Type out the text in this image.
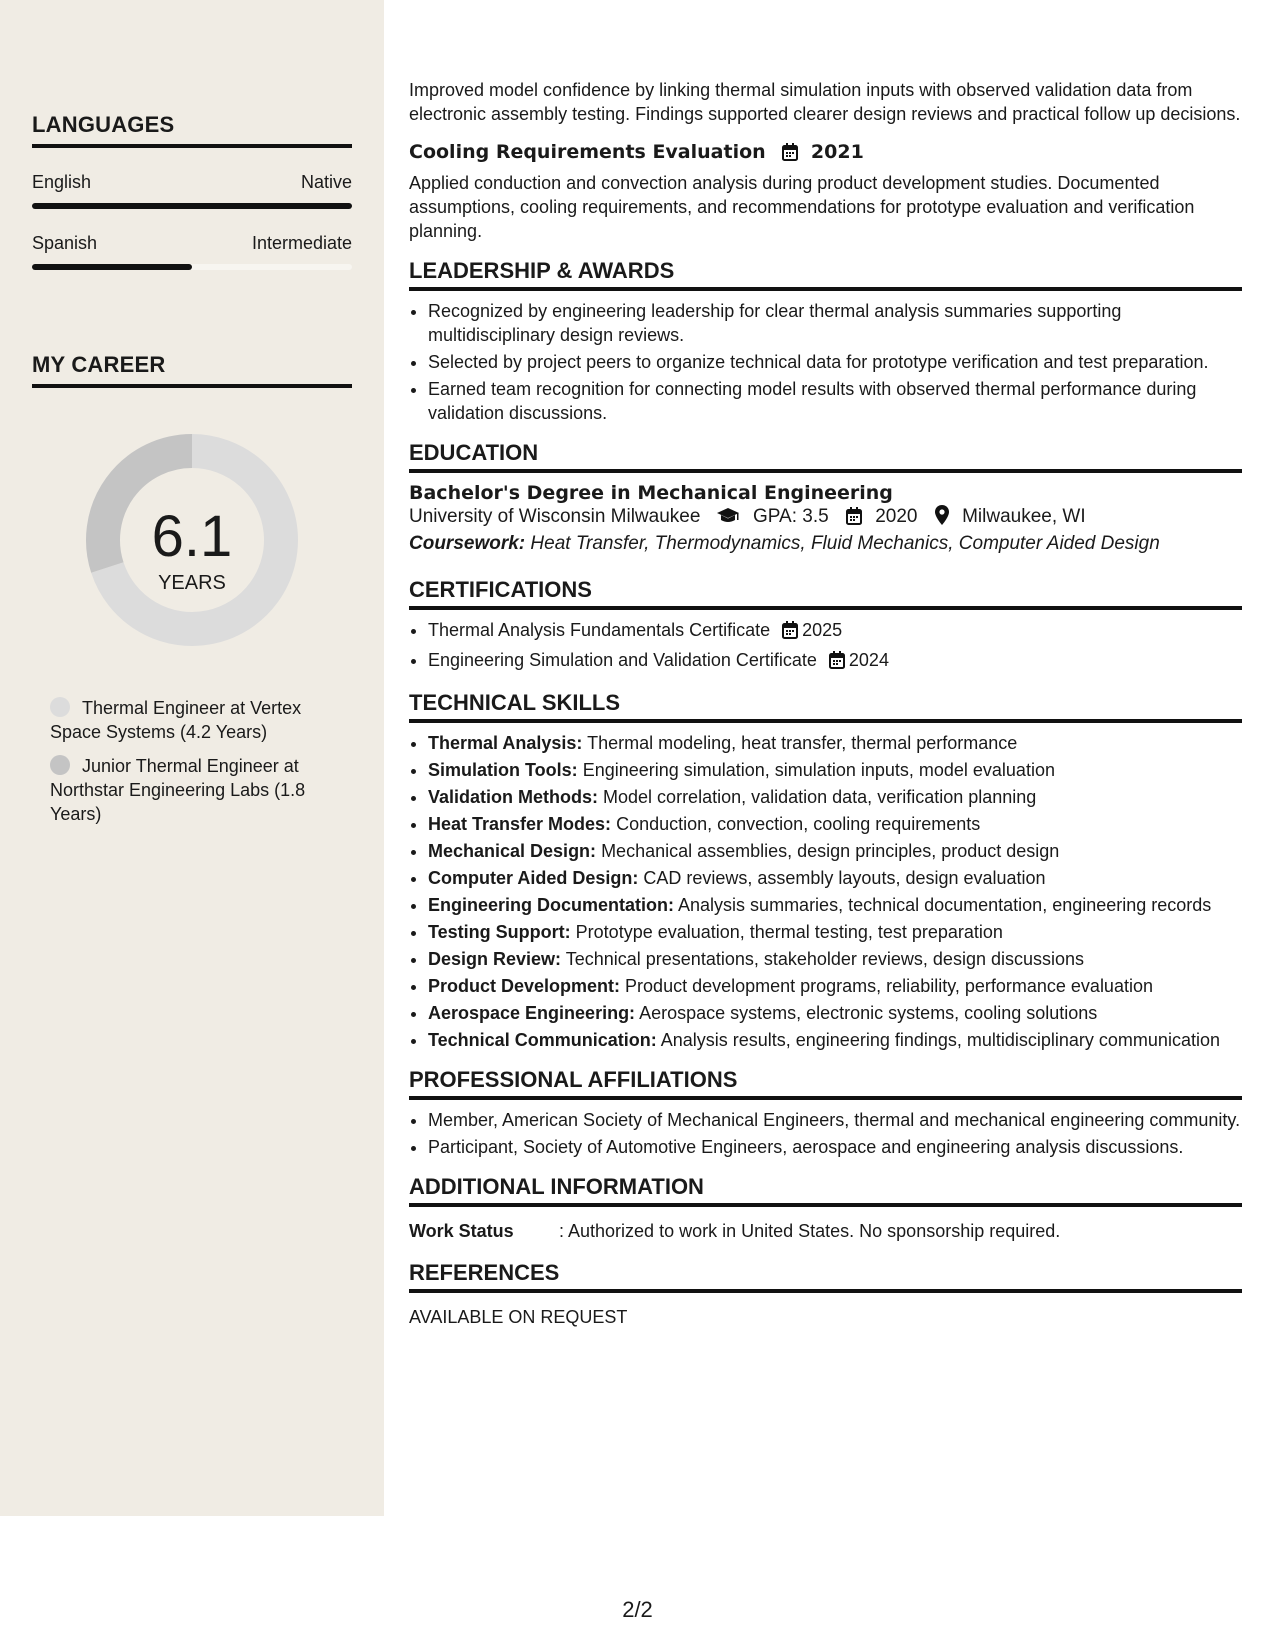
LANGUAGES
English	Native
Spanish	Intermediate
MY CAREER
6.1
YEARS
Thermal Engineer at Vertex Space Systems (4.2 Years)
Junior Thermal Engineer at Northstar Engineering Labs (1.8 Years)

Improved model confidence by linking thermal simulation inputs with observed validation data from electronic assembly testing. Findings supported clearer design reviews and practical follow up decisions.

Cooling Requirements Evaluation 2021

Applied conduction and convection analysis during product development studies. Documented assumptions, cooling requirements, and recommendations for prototype evaluation and verification planning.

LEADERSHIP & AWARDS
• Recognized by engineering leadership for clear thermal analysis summaries supporting multidisciplinary design reviews.
• Selected by project peers to organize technical data for prototype verification and test preparation.
• Earned team recognition for connecting model results with observed thermal performance during validation discussions.
EDUCATION

Bachelor's Degree in Mechanical Engineering

University of Wisconsin Milwaukee	GPA: 3.5 2020 Milwaukee, WI

Coursework: Heat Transfer, Thermodynamics, Fluid Mechanics, Computer Aided Design

CERTIFICATIONS
• Thermal Analysis Fundamentals Certificate 2025
• Engineering Simulation and Validation Certificate 2024
TECHNICAL SKILLS
• Thermal Analysis: Thermal modeling, heat transfer, thermal performance
• Simulation Tools: Engineering simulation, simulation inputs, model evaluation
• Validation Methods: Model correlation, validation data, verification planning
• Heat Transfer Modes: Conduction, convection, cooling requirements
• Mechanical Design: Mechanical assemblies, design principles, product design
• Computer Aided Design: CAD reviews, assembly layouts, design evaluation
• Engineering Documentation: Analysis summaries, technical documentation, engineering records
• Testing Support: Prototype evaluation, thermal testing, test preparation
• Design Review: Technical presentations, stakeholder reviews, design discussions
• Product Development: Product development programs, reliability, performance evaluation
• Aerospace Engineering: Aerospace systems, electronic systems, cooling solutions
• Technical Communication: Analysis results, engineering findings, multidisciplinary communication
PROFESSIONAL AFFILIATIONS
• Member, American Society of Mechanical Engineers, thermal and mechanical engineering community.
• Participant, Society of Automotive Engineers, aerospace and engineering analysis discussions.
ADDITIONAL INFORMATION
Work Status	: Authorized to work in United States. No sponsorship required.
REFERENCES

AVAILABLE ON REQUEST

2/2
